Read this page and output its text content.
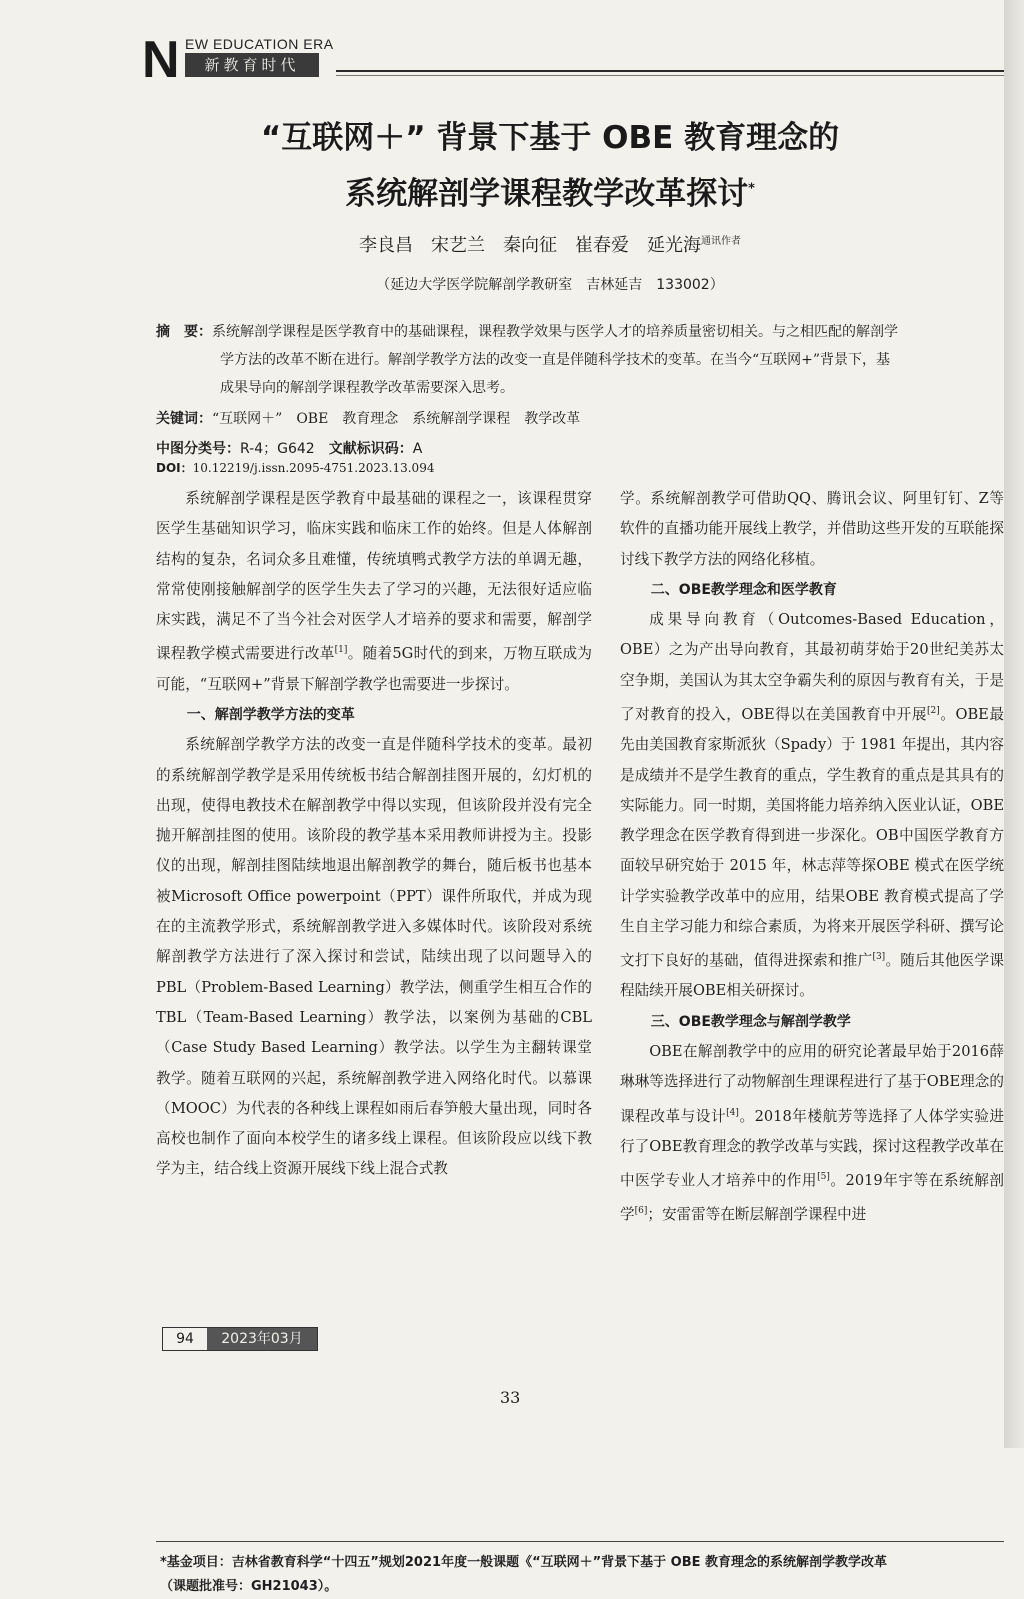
N EW EDUCATION ERA
新教育时代
“互联网＋” 背景下基于 OBE 教育理念的
系统解剖学课程教学改革探讨*
李良昌　宋艺兰　秦向征　崔春爱　延光海$^{通讯作者}$
（延边大学医学院解剖学教研室　吉林延吉　133002）
摘　要：系统解剖学课程是医学教育中的基础课程，课程教学效果与医学人才的培养质量密切相关。与之相匹配的解剖学
学方法的改革不断在进行。解剖学教学方法的改变一直是伴随科学技术的变革。在当今“互联网+”背景下，基
成果导向的解剖学课程教学改革需要深入思考。
关键词：“互联网＋”　OBE　教育理念　系统解剖学课程　教学改革
中图分类号：R-4；G642　 文献标识码：A
DOI：10.12219/j.issn.2095-4751.2023.13.094

系统解剖学课程是医学教育中最基础的课程之一，该课程贯穿医学生基础知识学习，临床实践和临床工作的始终。但是人体解剖结构的复杂，名词众多且难懂，传统填鸭式教学方法的单调无趣，常常使刚接触解剖学的医学生失去了学习的兴趣，无法很好适应临床实践，满足不了当今社会对医学人才培养的要求和需要，解剖学课程教学模式需要进行改革[1]。随着5G时代的到来，万物互联成为可能，“互联网+”背景下解剖学教学也需要进一步探讨。

一、解剖学教学方法的变革

系统解剖学教学方法的改变一直是伴随科学技术的变革。最初的系统解剖学教学是采用传统板书结合解剖挂图开展的，幻灯机的出现，使得电教技术在解剖教学中得以实现，但该阶段并没有完全抛开解剖挂图的使用。该阶段的教学基本采用教师讲授为主。投影仪的出现，解剖挂图陆续地退出解剖教学的舞台，随后板书也基本被Microsoft Office powerpoint（PPT）课件所取代，并成为现在的主流教学形式，系统解剖教学进入多媒体时代。该阶段对系统解剖教学方法进行了深入探讨和尝试，陆续出现了以问题导入的PBL（Problem-Based Learning）教学法，侧重学生相互合作的TBL（Team-Based Learning）教学法，以案例为基础的CBL（Case Study Based Learning）教学法。以学生为主翻转课堂教学。随着互联网的兴起，系统解剖教学进入网络化时代。以慕课（MOOC）为代表的各种线上课程如雨后春笋般大量出现，同时各高校也制作了面向本校学生的诸多线上课程。但该阶段应以线下教学为主，结合线上资源开展线下线上混合式教

学。系统解剖教学可借助QQ、腾讯会议、阿里钉钉、Z等软件的直播功能开展线上教学，并借助这些开发的互联能探讨线下教学方法的网络化移植。

二、OBE教学理念和医学教育

成果导向教育（Outcomes-Based Education，OBE）之为产出导向教育，其最初萌芽始于20世纪美苏太空争期，美国认为其太空争霸失利的原因与教育有关，于是了对教育的投入，OBE得以在美国教育中开展[2]。OBE最先由美国教育家斯派狄（Spady）于 1981 年提出，其内容是成绩并不是学生教育的重点，学生教育的重点是其具有的实际能力。同一时期，美国将能力培养纳入医业认证，OBE教学理念在医学教育得到进一步深化。OB中国医学教育方面较早研究始于 2015 年，林志萍等探OBE 模式在医学统计学实验教学改革中的应用，结果OBE 教育模式提高了学生自主学习能力和综合素质，为将来开展医学科研、撰写论文打下良好的基础，值得进探索和推广[3]。随后其他医学课程陆续开展OBE相关研探讨。

三、OBE教学理念与解剖学教学

OBE在解剖教学中的应用的研究论著最早始于2016薛琳琳等选择进行了动物解剖生理课程进行了基于OBE理念的课程改革与设计[4]。2018年楼航芳等选择了人体学实验进行了OBE教育理念的教学改革与实践，探讨这程教学改革在中医学专业人才培养中的作用[5]。2019年宇等在系统解剖学[6]；安雷雷等在断层解剖学课程中进

*基金项目：吉林省教育科学“十四五”规划2021年度一般课题《“互联网＋”背景下基于 OBE 教育理念的系统解剖学教学改革
（课题批准号：GH21043）。
94	2023年03月
33
